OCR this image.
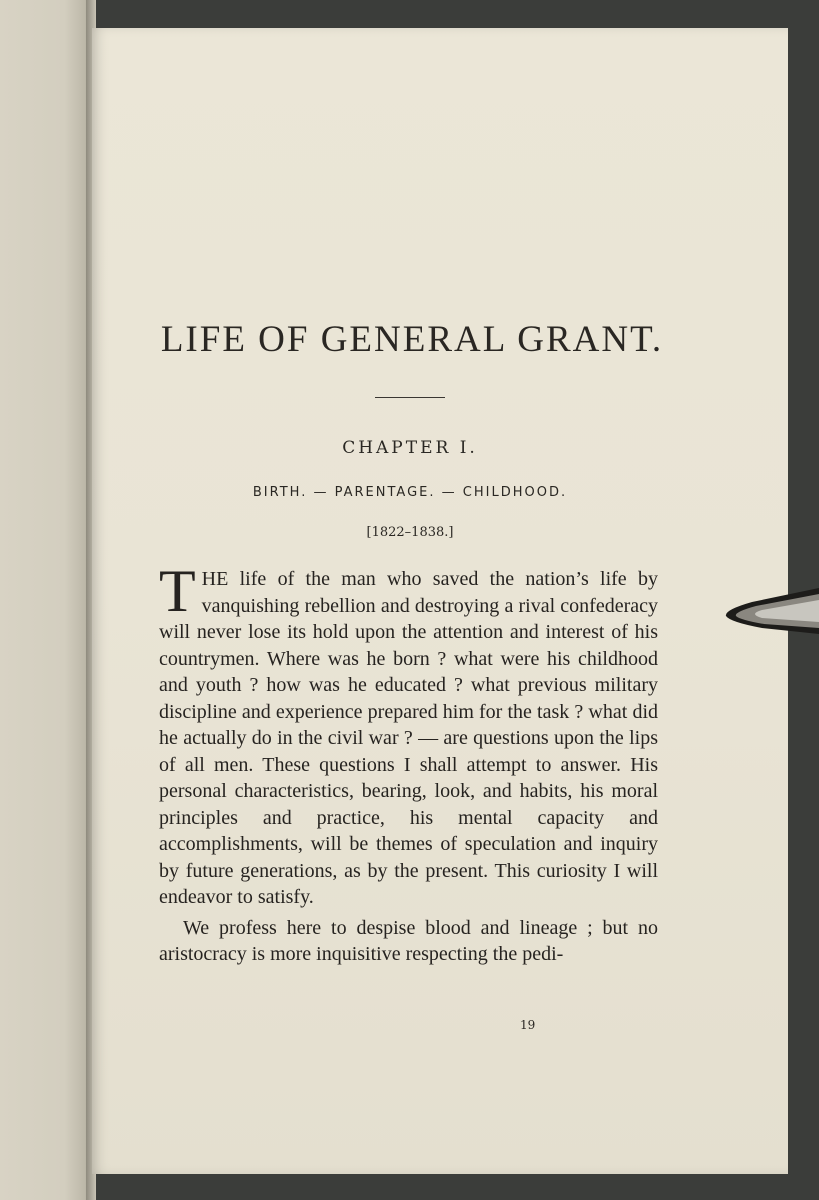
LIFE OF GENERAL GRANT.
CHAPTER I.
BIRTH. — PARENTAGE. — CHILDHOOD.
[1822–1838.]

THE life of the man who saved the nation’s life by vanquishing rebellion and destroying a rival confederacy will never lose its hold upon the attention and interest of his countrymen. Where was he born ? what were his childhood and youth ? how was he educated ? what previous military discipline and experience prepared him for the task ? what did he actually do in the civil war ? — are questions upon the lips of all men. These questions I shall attempt to answer. His personal characteristics, bearing, look, and habits, his moral principles and practice, his mental capacity and accomplishments, will be themes of speculation and inquiry by future generations, as by the present. This curiosity I will endeavor to satisfy.

We profess here to despise blood and lineage ; but no aristocracy is more inquisitive respecting the pedi-

19
